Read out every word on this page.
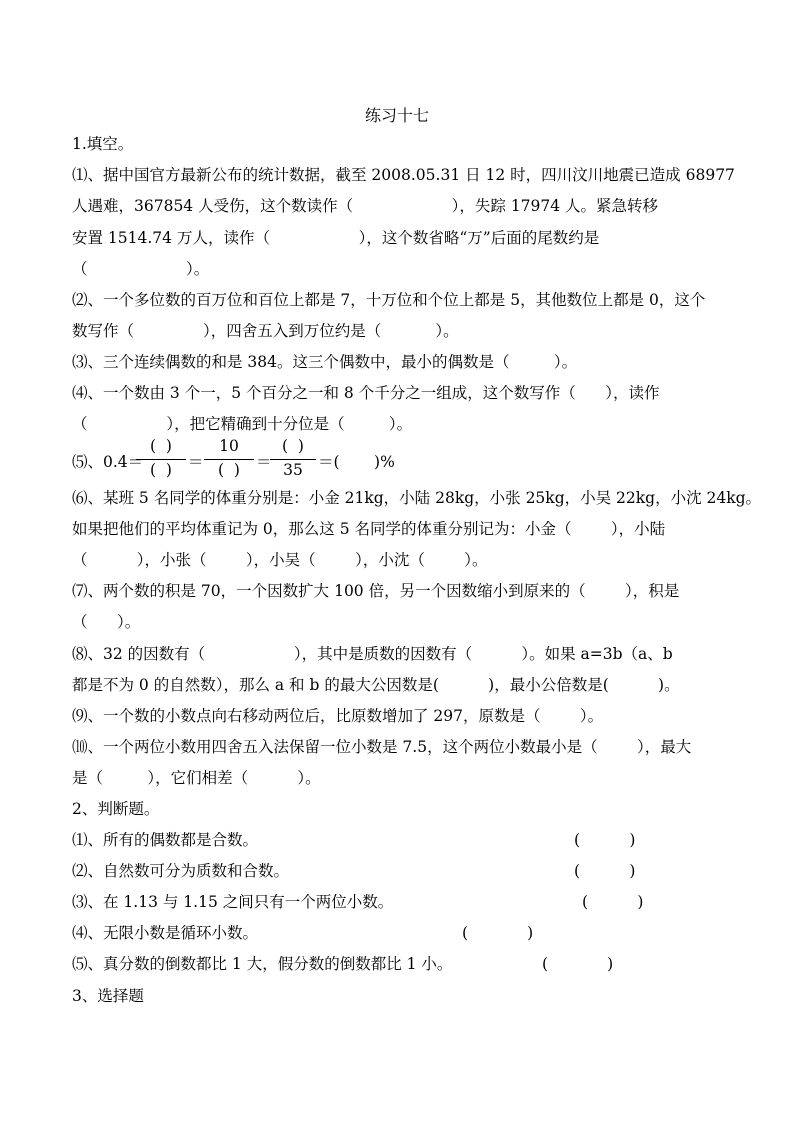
练习十七
1.填空。
⑴、据中国官方最新公布的统计数据，截至 2008.05.31 日 12 时，四川汶川地震已造成 68977
人遇难，367854 人受伤，这个数读作（                    ），失踪 17974 人。紧急转移
安置 1514.74 万人，读作（                  ），这个数省略“万”后面的尾数约是
（                    ）。
⑵、一个多位数的百万位和百位上都是 7，十万位和个位上都是 5，其他数位上都是 0，这个
数写作（              ），四舍五入到万位约是（           ）。
⑶、三个连续偶数的和是 384。这三个偶数中，最小的偶数是（         ）。
⑷、一个数由 3 个一，5 个百分之一和 8 个千分之一组成，这个数写作（      ），读作
（                ），把它精确到十分位是（         ）。
⑸、0.4＝

(  )

(  )

	＝

10

(  )

	＝

(  )

35

＝(       )%
⑹、某班 5 名同学的体重分别是：小金 21kg，小陆 28kg，小张 25kg，小吴 22kg，小沈 24kg。
如果把他们的平均体重记为 0，那么这 5 名同学的体重分别记为：小金（        ），小陆
（          ），小张（        ），小吴（        ），小沈（        ）。
⑺、两个数的积是 70，一个因数扩大 100 倍，另一个因数缩小到原来的（        ），积是
（      ）。
⑻、32 的因数有（                  ），其中是质数的因数有（          ）。如果 a=3b（a、b
都是不为 0 的自然数），那么 a 和 b 的最大公因数是(          )，最小公倍数是(          )。
⑼、一个数的小数点向右移动两位后，比原数增加了 297，原数是（        ）。
⑽、一个两位小数用四舍五入法保留一位小数是 7.5，这个两位小数最小是（        ），最大
是（         ），它们相差（          ）。
2、判断题。
⑴、所有的偶数都是合数。	(          )
⑵、自然数可分为质数和合数。	(          )
⑶、在 1.13 与 1.15 之间只有一个两位小数。	(          )
⑷、无限小数是循环小数。	(            )
⑸、真分数的倒数都比 1 大，假分数的倒数都比 1 小。	(            )
3、选择题
